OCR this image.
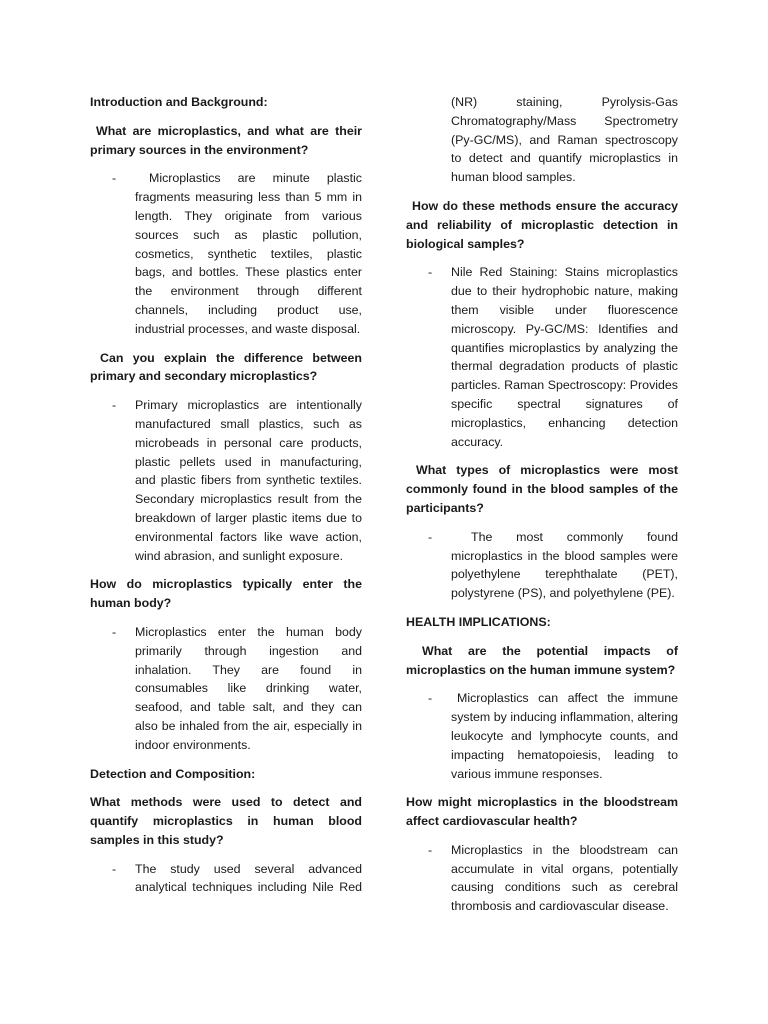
Introduction and Background:

What are microplastics, and what are their primary sources in the environment?

-	Microplastics are minute plastic fragments measuring less than 5 mm in length. They originate from various sources such as plastic pollution, cosmetics, synthetic textiles, plastic bags, and bottles. These plastics enter the environment through different channels, including product use, industrial processes, and waste disposal.

Can you explain the difference between primary and secondary microplastics?

- Primary microplastics are intentionally manufactured small plastics, such as microbeads in personal care products, plastic pellets used in manufacturing, and plastic fibers from synthetic textiles. Secondary microplastics result from the breakdown of larger plastic items due to environmental factors like wave action, wind abrasion, and sunlight exposure.

How do microplastics typically enter the human body?

- Microplastics enter the human body primarily through ingestion and inhalation. They are found in consumables like drinking water, seafood, and table salt, and they can also be inhaled from the air, especially in indoor environments.

Detection and Composition:

What methods were used to detect and quantify microplastics in human blood samples in this study?

- The study used several advanced analytical techniques including Nile Red

(NR) staining, Pyrolysis-Gas Chromatography/Mass Spectrometry (Py-GC/MS), and Raman spectroscopy to detect and quantify microplastics in human blood samples.

How do these methods ensure the accuracy and reliability of microplastic detection in biological samples?

- Nile Red Staining: Stains microplastics due to their hydrophobic nature, making them visible under fluorescence microscopy. Py-GC/MS: Identifies and quantifies microplastics by analyzing the thermal degradation products of plastic particles. Raman Spectroscopy: Provides specific spectral signatures of microplastics, enhancing detection accuracy.

What types of microplastics were most commonly found in the blood samples of the participants?

-	The most commonly found microplastics in the blood samples were polyethylene terephthalate (PET), polystyrene (PS), and polyethylene (PE).

HEALTH IMPLICATIONS:

What are the potential impacts of microplastics on the human immune system?

-	Microplastics can affect the immune system by inducing inflammation, altering leukocyte and lymphocyte counts, and impacting hematopoiesis, leading to various immune responses.

How might microplastics in the bloodstream affect cardiovascular health?

- Microplastics in the bloodstream can accumulate in vital organs, potentially causing conditions such as cerebral thrombosis and cardiovascular disease.
